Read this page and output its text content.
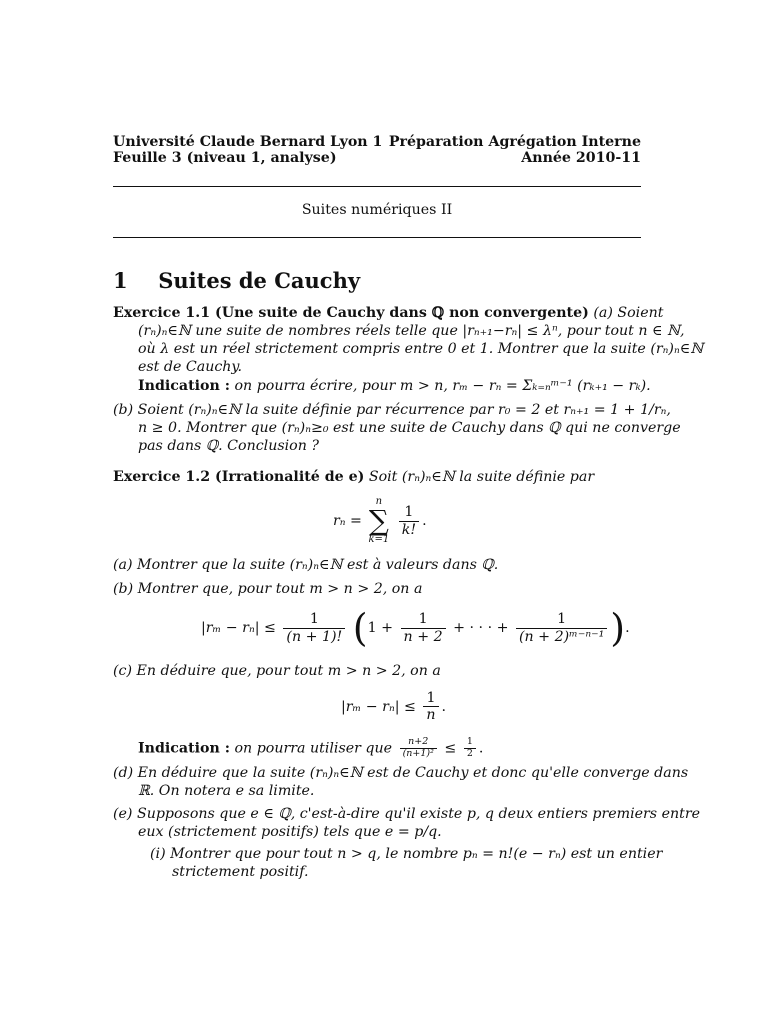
Université Claude Bernard Lyon 1 Préparation Agrégation Interne
Feuille 3 (niveau 1, analyse)	Année 2010-11
Suites numériques II
1 Suites de Cauchy
Exercice 1.1 (Une suite de Cauchy dans ℚ non convergente) (a) Soient
(rₙ)ₙ∈ℕ une suite de nombres réels telle que |rₙ₊₁−rₙ| ≤ λⁿ, pour tout n ∈ ℕ,
où λ est un réel strictement compris entre 0 et 1. Montrer que la suite (rₙ)ₙ∈ℕ
est de Cauchy.
Indication : on pourra écrire, pour m > n, rₘ − rₙ = Σₖ₌ₙᵐ⁻¹ (rₖ₊₁ − rₖ).
(b) Soient (rₙ)ₙ∈ℕ la suite définie par récurrence par r₀ = 2 et rₙ₊₁ = 1 + 1/rₙ,
n ≥ 0. Montrer que (rₙ)ₙ≥₀ est une suite de Cauchy dans ℚ qui ne converge
pas dans ℚ. Conclusion ?
Exercice 1.2 (Irrationalité de e) Soit (rₙ)ₙ∈ℕ la suite définie par
rₙ =
n
∑
k=1

$\frac{1}{k!}$ .
(a) Montrer que la suite (rₙ)ₙ∈ℕ est à valeurs dans ℚ.
(b) Montrer que, pour tout m > n > 2, on a
$|r_m - r_n| \le \frac{1}{(n + 1)!} (1 + \frac{1}{n + 2}$ + · · · + $\frac{1}{\text{(n + 2)ᵐ⁻ⁿ⁻¹}}$ ).
(c) En déduire que, pour tout m > n > 2, on a
$|r_m - r_n| \le \frac{1}{n}$ .
Indication : on pourra utiliser que $\frac{n+2}{\text{(n+1)²}} \le \frac{1}{2}$ .
(d) En déduire que la suite (rₙ)ₙ∈ℕ est de Cauchy et donc qu'elle converge dans
ℝ. On notera e sa limite.
(e) Supposons que e ∈ ℚ, c'est-à-dire qu'il existe p, q deux entiers premiers entre
eux (strictement positifs) tels que e = p/q.
(i) Montrer que pour tout n > q, le nombre pₙ = n!(e − rₙ) est un entier
strictement positif.
